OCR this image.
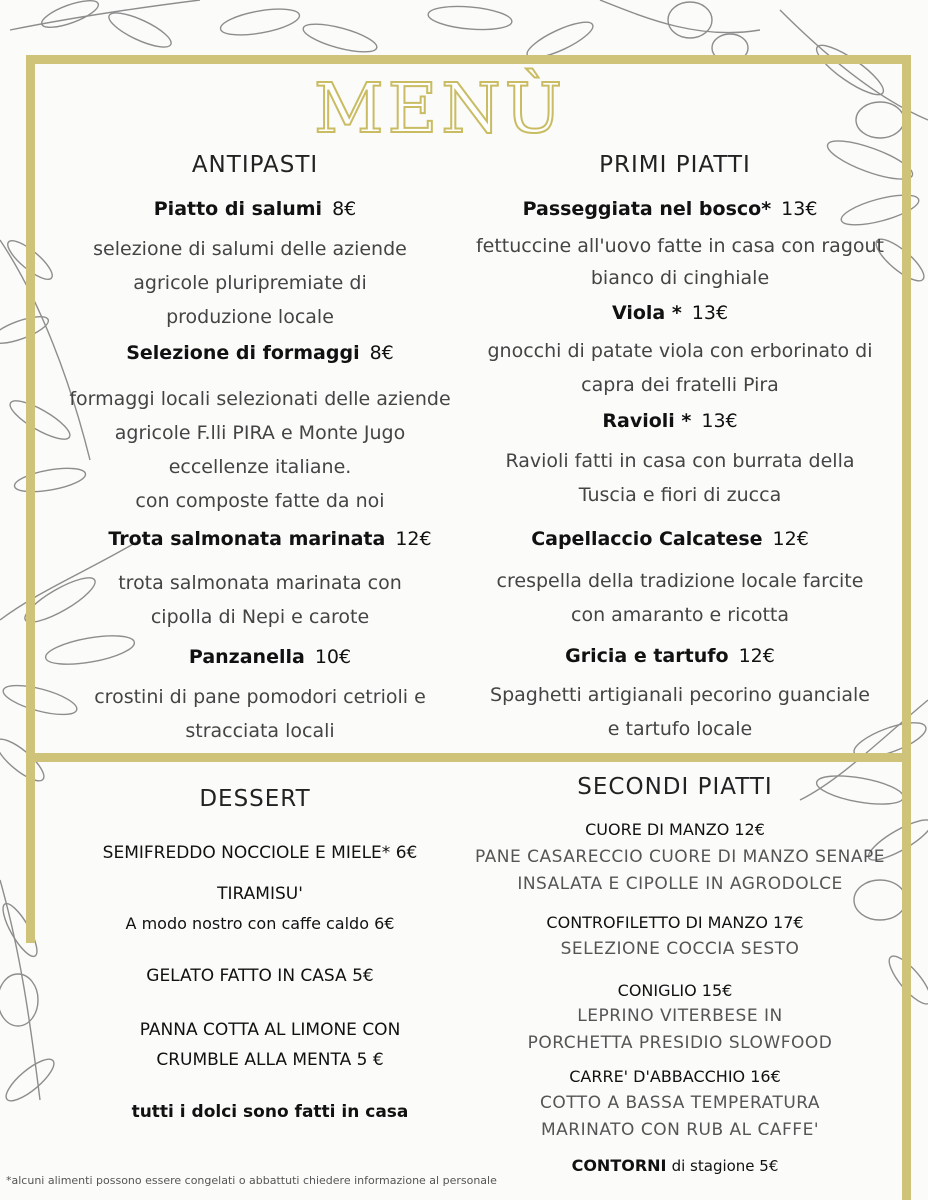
MENÙ
ANTIPASTI
Piatto di salumi 8€
selezione di salumi delle aziende
agricole pluripremiate di
produzione locale
Selezione di formaggi 8€
formaggi locali selezionati delle aziende
agricole F.lli PIRA e Monte Jugo
eccellenze italiane.
con composte fatte da noi
Trota salmonata marinata 12€
trota salmonata marinata con
cipolla di Nepi e carote
Panzanella 10€
crostini di pane pomodori cetrioli e
stracciata locali
PRIMI PIATTI
Passeggiata nel bosco* 13€
fettuccine all'uovo fatte in casa con ragout
bianco di cinghiale
Viola * 13€
gnocchi di patate viola con erborinato di
capra dei fratelli Pira
Ravioli * 13€
Ravioli fatti in casa con burrata della
Tuscia e fiori di zucca
Capellaccio Calcatese 12€
crespella della tradizione locale farcite
con amaranto e ricotta
Gricia e tartufo 12€
Spaghetti artigianali pecorino guanciale
e tartufo locale
DESSERT
SEMIFREDDO NOCCIOLE E MIELE* 6€
TIRAMISU'
A modo nostro con caffe caldo 6€
GELATO FATTO IN CASA 5€
PANNA COTTA AL LIMONE CON
CRUMBLE ALLA MENTA 5 €
tutti i dolci sono fatti in casa
SECONDI PIATTI
CUORE DI MANZO 12€
PANE CASARECCIO CUORE DI MANZO SENAPE
INSALATA E CIPOLLE IN AGRODOLCE
CONTROFILETTO DI MANZO 17€
SELEZIONE COCCIA SESTO
CONIGLIO 15€
LEPRINO VITERBESE IN
PORCHETTA PRESIDIO SLOWFOOD
CARRE' D'ABBACCHIO 16€
COTTO A BASSA TEMPERATURA
MARINATO CON RUB AL CAFFE'
CONTORNI di stagione 5€
*alcuni alimenti possono essere congelati o abbattuti chiedere informazione al personale
